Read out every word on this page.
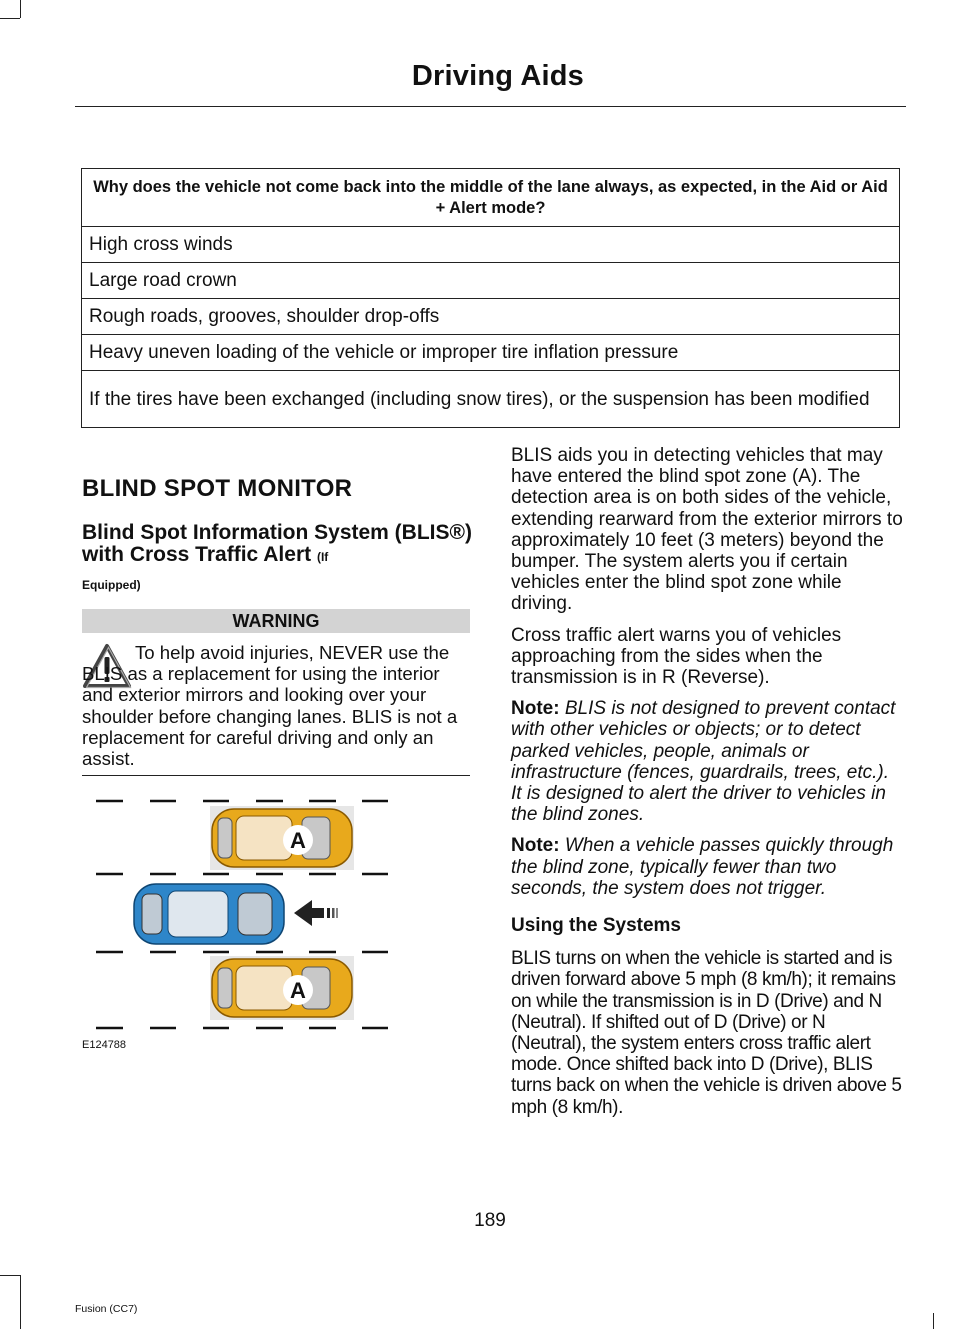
Driving Aids
Why does the vehicle not come back into the middle of the lane always, as expected, in the Aid or Aid + Alert mode?
High cross winds
Large road crown
Rough roads, grooves, shoulder drop-offs
Heavy uneven loading of the vehicle or improper tire inflation pressure
If the tires have been exchanged (including snow tires), or the suspension has been modified
BLIND SPOT MONITOR
Blind Spot Information System (BLIS®) with Cross Traffic Alert (If
Equipped)
WARNING
To help avoid injuries, NEVER use the BLIS as a replacement for using the interior and exterior mirrors and looking over your shoulder before changing lanes. BLIS is not a replacement for careful driving and only an assist.
A
A
E124788

BLIS aids you in detecting vehicles that may have entered the blind spot zone (A). The detection area is on both sides of the vehicle, extending rearward from the exterior mirrors to approximately 10 feet (3 meters) beyond the bumper. The system alerts you if certain vehicles enter the blind spot zone while driving.

Cross traffic alert warns you of vehicles approaching from the sides when the transmission is in R (Reverse).

Note: BLIS is not designed to prevent contact with other vehicles or objects; or to detect parked vehicles, people, animals or infrastructure (fences, guardrails, trees, etc.). It is designed to alert the driver to vehicles in the blind zones.

Note: When a vehicle passes quickly through the blind zone, typically fewer than two seconds, the system does not trigger.

Using the Systems

BLIS turns on when the vehicle is started and is driven forward above 5 mph (8 km/h); it remains on while the transmission is in D (Drive) and N (Neutral). If shifted out of D (Drive) or N (Neutral), the system enters cross traffic alert mode. Once shifted back into D (Drive), BLIS turns back on when the vehicle is driven above 5 mph (8 km/h).

189
Fusion (CC7)
